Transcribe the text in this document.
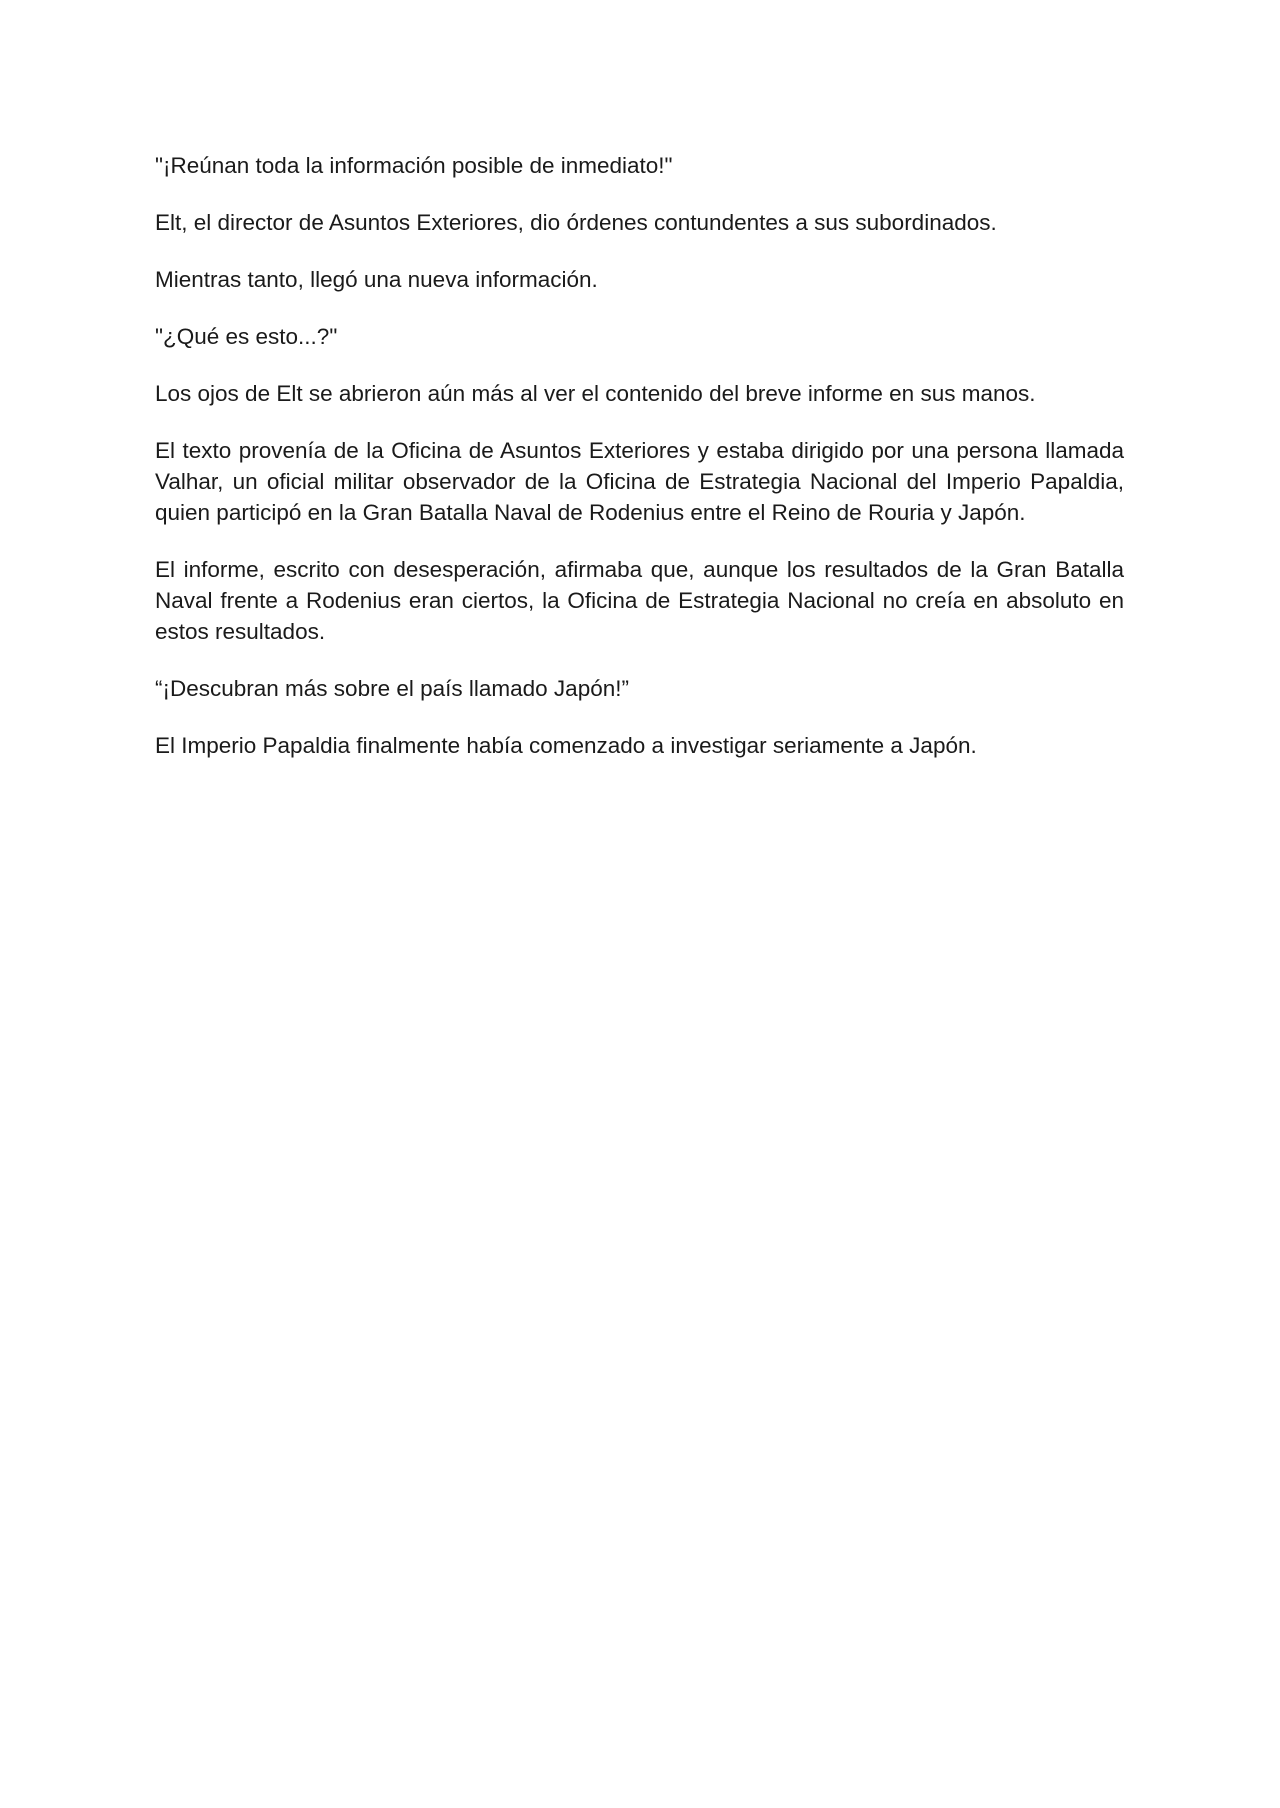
"¡Reúnan toda la información posible de inmediato!"

Elt, el director de Asuntos Exteriores, dio órdenes contundentes a sus subordinados.

Mientras tanto, llegó una nueva información.

"¿Qué es esto...?"

Los ojos de Elt se abrieron aún más al ver el contenido del breve informe en sus manos.

El texto provenía de la Oficina de Asuntos Exteriores y estaba dirigido por una persona llamada Valhar, un oficial militar observador de la Oficina de Estrategia Nacional del Imperio Papaldia, quien participó en la Gran Batalla Naval de Rodenius entre el Reino de Rouria y Japón.

El informe, escrito con desesperación, afirmaba que, aunque los resultados de la Gran Batalla Naval frente a Rodenius eran ciertos, la Oficina de Estrategia Nacional no creía en absoluto en estos resultados.

“¡Descubran más sobre el país llamado Japón!”

El Imperio Papaldia finalmente había comenzado a investigar seriamente a Japón.
